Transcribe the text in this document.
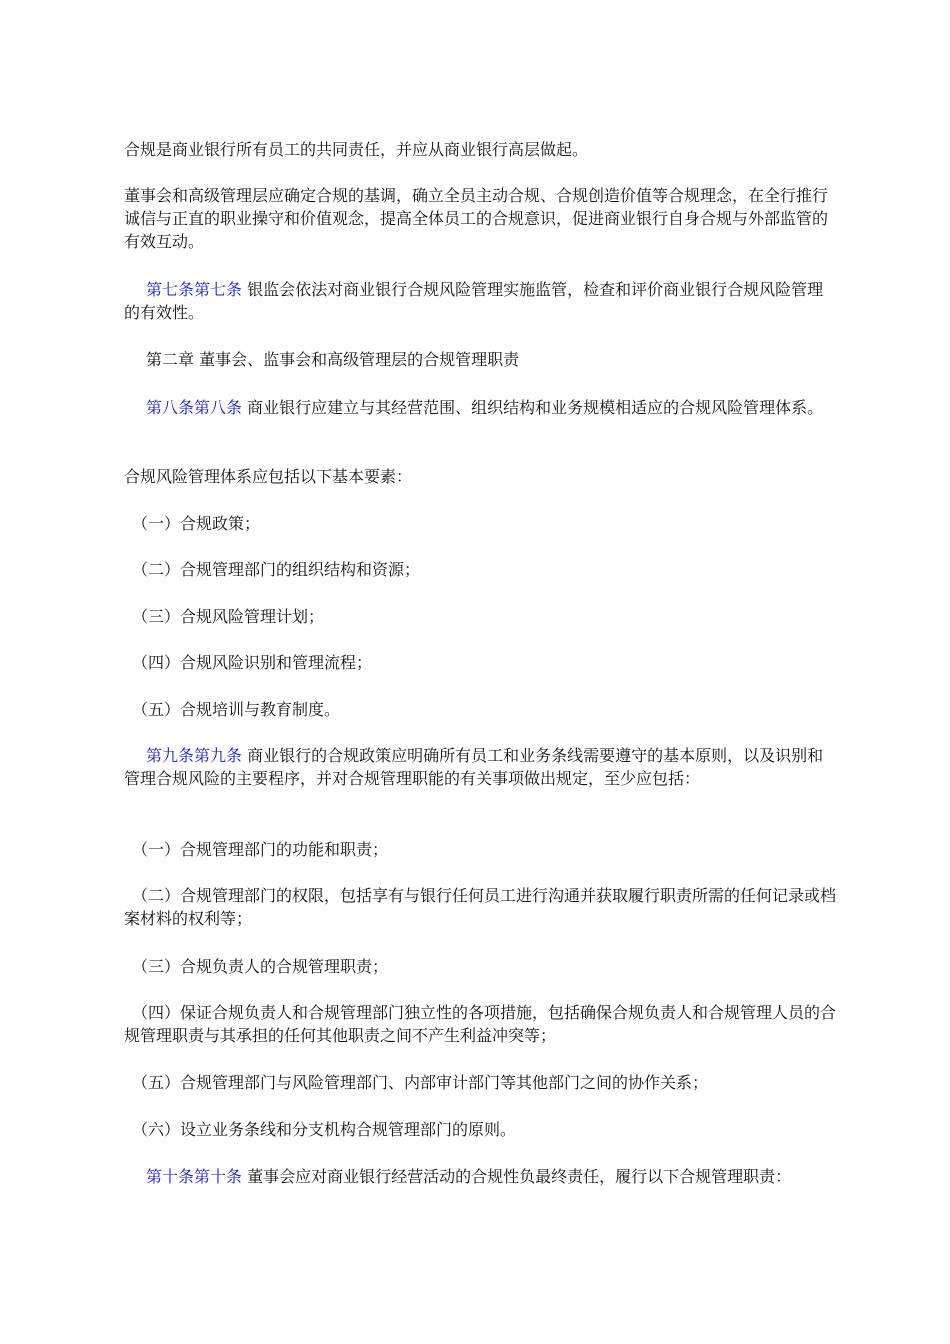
合规是商业银行所有员工的共同责任，并应从商业银行高层做起。

董事会和高级管理层应确定合规的基调，确立全员主动合规、合规创造价值等合规理念，在全行推行诚信与正直的职业操守和价值观念，提高全体员工的合规意识，促进商业银行自身合规与外部监管的有效互动。

第七条第七条 银监会依法对商业银行合规风险管理实施监管，检查和评价商业银行合规风险管理的有效性。

第二章 董事会、监事会和高级管理层的合规管理职责

第八条第八条 商业银行应建立与其经营范围、组织结构和业务规模相适应的合规风险管理体系。

合规风险管理体系应包括以下基本要素：

（一）合规政策；

（二）合规管理部门的组织结构和资源；

（三）合规风险管理计划；

（四）合规风险识别和管理流程；

（五）合规培训与教育制度。

第九条第九条 商业银行的合规政策应明确所有员工和业务条线需要遵守的基本原则，以及识别和管理合规风险的主要程序，并对合规管理职能的有关事项做出规定，至少应包括：

（一）合规管理部门的功能和职责；

（二）合规管理部门的权限，包括享有与银行任何员工进行沟通并获取履行职责所需的任何记录或档案材料的权利等；

（三）合规负责人的合规管理职责；

（四）保证合规负责人和合规管理部门独立性的各项措施，包括确保合规负责人和合规管理人员的合规管理职责与其承担的任何其他职责之间不产生利益冲突等；

（五）合规管理部门与风险管理部门、内部审计部门等其他部门之间的协作关系；

（六）设立业务条线和分支机构合规管理部门的原则。

第十条第十条 董事会应对商业银行经营活动的合规性负最终责任，履行以下合规管理职责：
